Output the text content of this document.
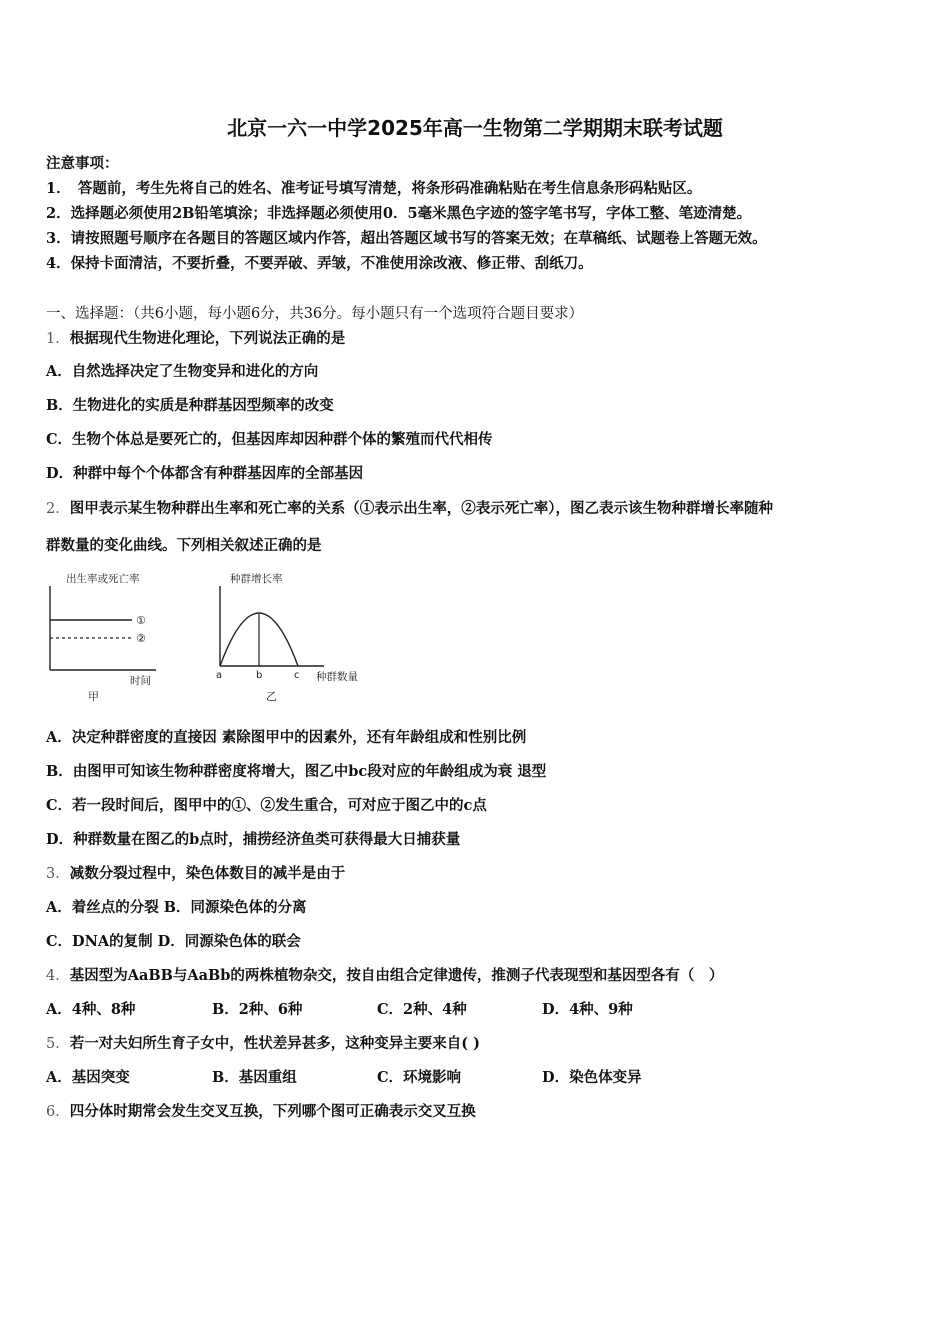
北京一六一中学2025年高一生物第二学期期末联考试题
注意事项：
1．　答题前，考生先将自己的姓名、准考证号填写清楚，将条形码准确粘贴在考生信息条形码粘贴区。
2．选择题必须使用2B铅笔填涂；非选择题必须使用0．5毫米黑色字迹的签字笔书写，字体工整、笔迹清楚。
3．请按照题号顺序在各题目的答题区域内作答，超出答题区域书写的答案无效；在草稿纸、试题卷上答题无效。
4．保持卡面清洁，不要折叠，不要弄破、弄皱，不准使用涂改液、修正带、刮纸刀。
一、选择题：（共6小题，每小题6分，共36分。每小题只有一个选项符合题目要求）
1．根据现代生物进化理论，下列说法正确的是
A．自然选择决定了生物变异和进化的方向
B．生物进化的实质是种群基因型频率的改变
C．生物个体总是要死亡的，但基因库却因种群个体的繁殖而代代相传
D．种群中每个个体都含有种群基因库的全部基因
2．图甲表示某生物种群出生率和死亡率的关系（①表示出生率，②表示死亡率），图乙表示该生物种群增长率随种
群数量的变化曲线。下列相关叙述正确的是
出生率或死亡率
①
②
时间
甲
种群增长率
a	b	c 种群数量
乙
A．决定种群密度的直接因 素除图甲中的因素外，还有年龄组成和性别比例
B．由图甲可知该生物种群密度将增大，图乙中bc段对应的年龄组成为衰 退型
C．若一段时间后，图甲中的①、②发生重合，可对应于图乙中的c点
D．种群数量在图乙的b点时，捕捞经济鱼类可获得最大日捕获量
3．减数分裂过程中，染色体数目的减半是由于
A．着丝点的分裂 B．同源染色体的分离
C．DNA的复制 D．同源染色体的联会
4．基因型为AaBB与AaBb的两株植物杂交，按自由组合定律遗传，推测子代表现型和基因型各有（　）
A．4种、8种	B．2种、6种	C．2种、4种	D．4种、9种
5．若一对夫妇所生育子女中，性状差异甚多，这种变异主要来自( )
A．基因突变	B．基因重组	C．环境影响	D．染色体变异
6．四分体时期常会发生交叉互换，下列哪个图可正确表示交叉互换
